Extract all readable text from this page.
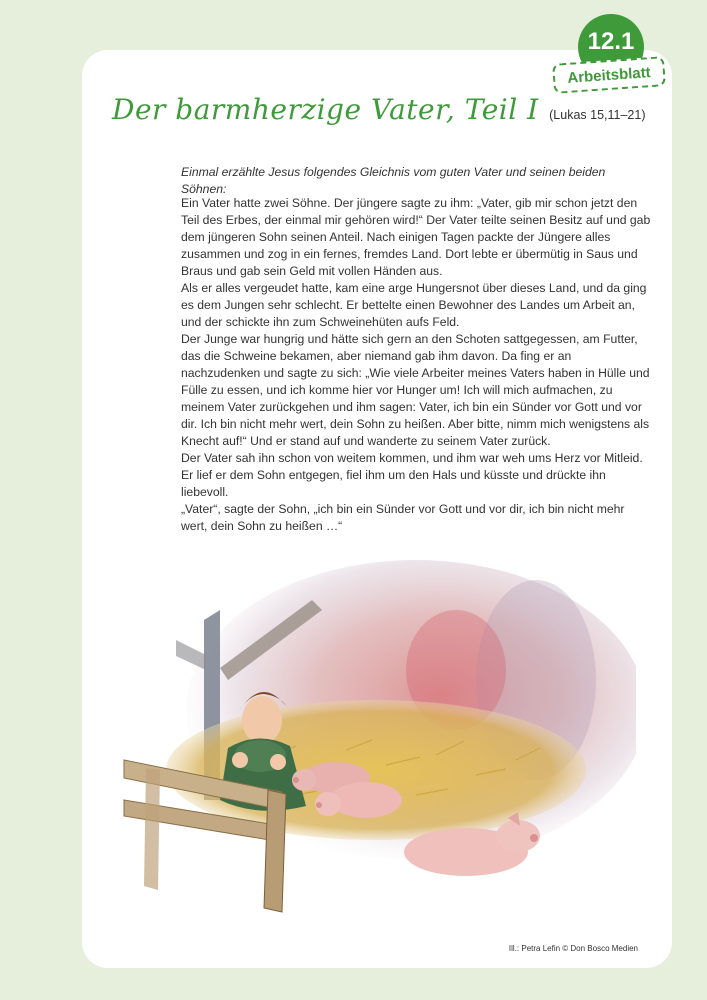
12.1
Arbeitsblatt
Der barmherzige Vater, Teil I (Lukas 15,11–21)

Einmal erzählte Jesus folgendes Gleichnis vom guten Vater und seinen beiden Söhnen:

Ein Vater hatte zwei Söhne. Der jüngere sagte zu ihm: „Vater, gib mir schon jetzt den Teil des Erbes, der einmal mir gehören wird!“ Der Vater teilte seinen Besitz auf und gab dem jüngeren Sohn seinen Anteil. Nach einigen Tagen packte der Jüngere alles zusammen und zog in ein fernes, fremdes Land. Dort lebte er übermütig in Saus und Braus und gab sein Geld mit vollen Händen aus.

Als er alles vergeudet hatte, kam eine arge Hungersnot über dieses Land, und da ging es dem Jungen sehr schlecht. Er bettelte einen Bewohner des Landes um Arbeit an, und der schickte ihn zum Schweinehüten aufs Feld.

Der Junge war hungrig und hätte sich gern an den Schoten sattgegessen, am Futter, das die Schweine bekamen, aber niemand gab ihm davon. Da fing er an nachzudenken und sagte zu sich: „Wie viele Arbeiter meines Vaters haben in Hülle und Fülle zu essen, und ich komme hier vor Hunger um! Ich will mich aufmachen, zu meinem Vater zurückgehen und ihm sagen: Vater, ich bin ein Sünder vor Gott und vor dir. Ich bin nicht mehr wert, dein Sohn zu heißen. Aber bitte, nimm mich wenigstens als Knecht auf!“ Und er stand auf und wanderte zu seinem Vater zurück.

Der Vater sah ihn schon von weitem kommen, und ihm war weh ums Herz vor Mitleid. Er lief er dem Sohn entgegen, fiel ihm um den Hals und küsste und drückte ihn liebevoll.

„Vater“, sagte der Sohn, „ich bin ein Sünder vor Gott und vor dir, ich bin nicht mehr wert, dein Sohn zu heißen …“

Ill.: Petra Lefin © Don Bosco Medien
